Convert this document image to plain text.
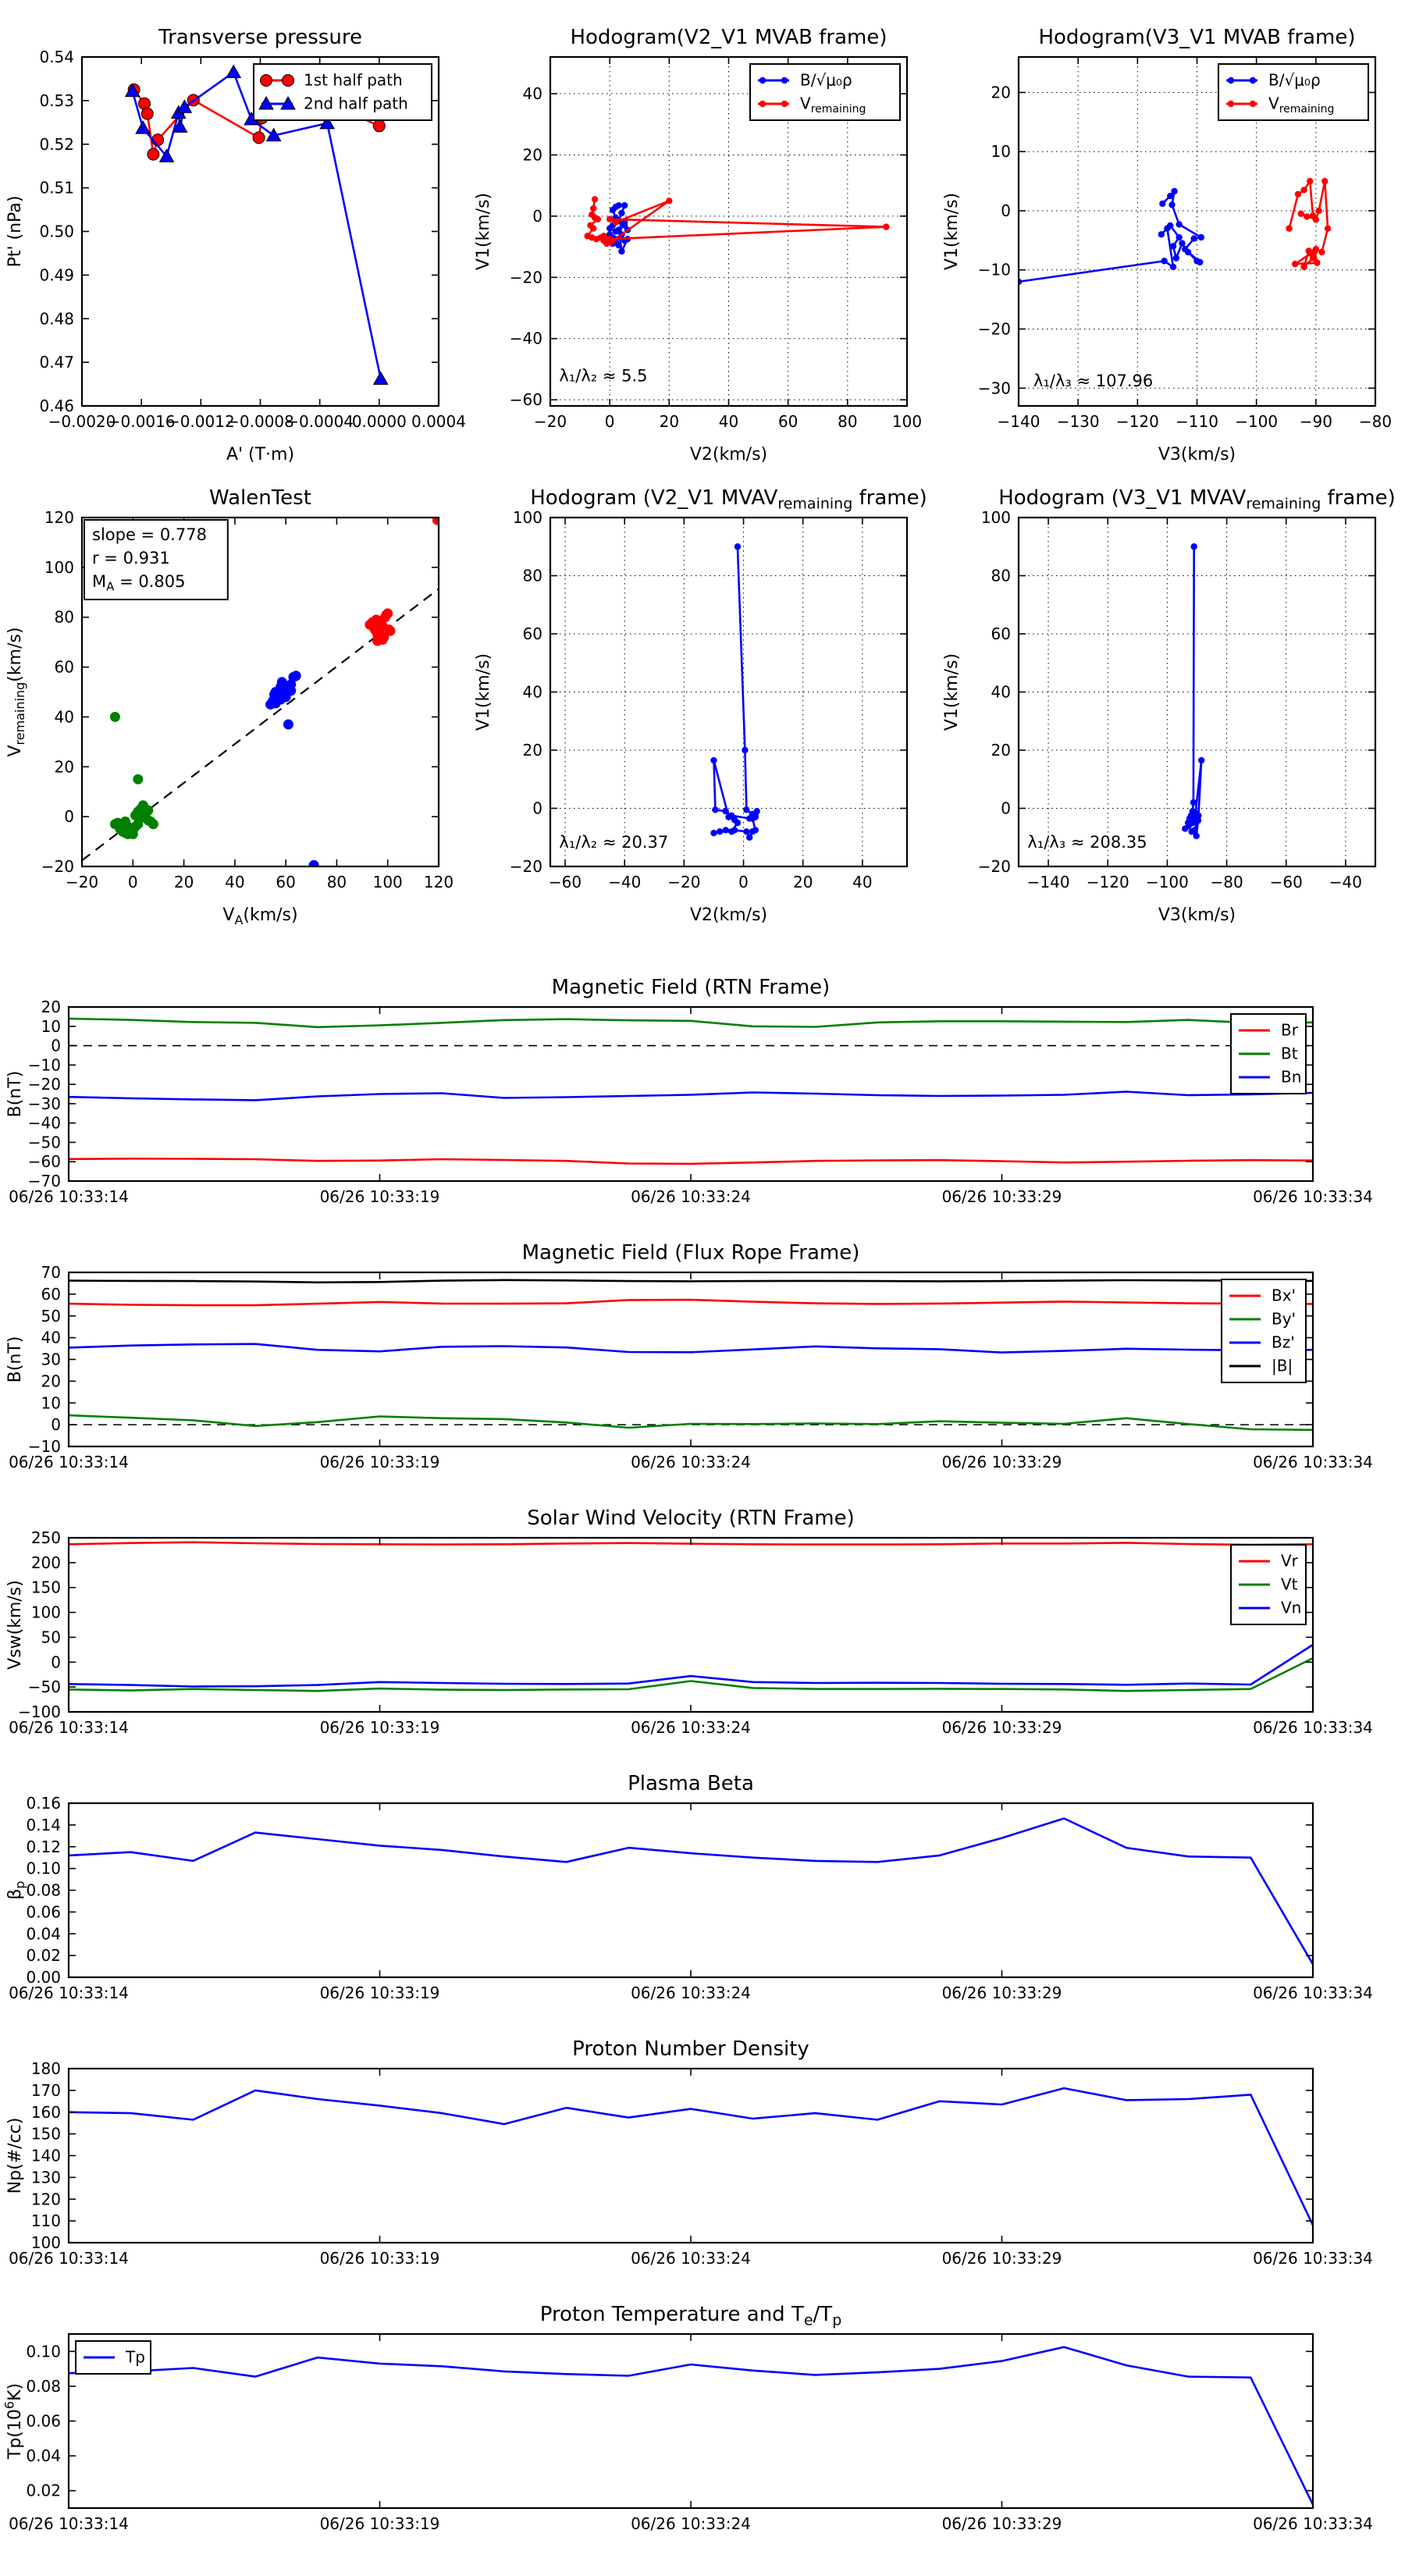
−0.0020
−0.0016
−0.0012
−0.0008
−0.0004
0.0000 0.0004
0.46
0.47
0.48
0.49
0.50
0.51
0.52
0.53
0.54
Transverse pressure
A' (T·m)
Pt' (nPa)
1st half path
2nd half path
−20 0	20	40	60	80 100
−60
−40
−20
0
20
40
Hodogram(V2_V1 MVAB frame)
V2(km/s)
V1(km/s)
B/√μ₀ρ
$V_{remaining}$
λ₁/λ₂ ≈ 5.5
−140 −130 −120 −110 −100 −90 −80
−30
−20
−10
0
10
20
Hodogram(V3_V1 MVAB frame)
V3(km/s)
V1(km/s)
B/√μ₀ρ
$V_{remaining}$
λ₁/λ₃ ≈ 107.96
−20 0 20 40 60 80 100 120
−20
0
20
40
60
80
100
120
WalenTest
$V_A(km/s)$
$V_{remaining}(km/s)$
slope = 0.778
r = 0.931
$M_A = 0.805$
−60 −40 −20 0	20	40
−20
0
20
40
60
80
100
Hodogram (V2_V1 $MVAV_{remaining}$ frame)
V2(km/s)
V1(km/s)
λ₁/λ₂ ≈ 20.37
−140 −120 −100 −80 −60 −40
−20
0
20
40
60
80
100
Hodogram (V3_V1 $MVAV_{remaining}$ frame)
V3(km/s)
V1(km/s)
λ₁/λ₃ ≈ 208.35
06/26 10:33:14	06/26 10:33:19	06/26 10:33:24	06/26 10:33:29	06/26 10:33:34
−70
−60
−50
−40
−30
−20
−10
0
10
20
Magnetic Field (RTN Frame)
B(nT)
Br
Bt
Bn
06/26 10:33:14	06/26 10:33:19	06/26 10:33:24	06/26 10:33:29	06/26 10:33:34
−10
0
10
20
30
40
50
60
70
Magnetic Field (Flux Rope Frame)
B(nT)
Bx'
By'
Bz'
|B|
06/26 10:33:14	06/26 10:33:19	06/26 10:33:24	06/26 10:33:29	06/26 10:33:34
−100
−50
0
50
100
150
200
250
Solar Wind Velocity (RTN Frame)
Vsw(km/s)
Vr
Vt
Vn
06/26 10:33:14	06/26 10:33:19	06/26 10:33:24	06/26 10:33:29	06/26 10:33:34
0.00
0.02
0.04
0.06
0.08
0.10
0.12
0.14
0.16
Plasma Beta
$\beta_p$
06/26 10:33:14	06/26 10:33:19	06/26 10:33:24	06/26 10:33:29	06/26 10:33:34
100
110
120
130
140
150
160
170
180
Proton Number Density
Np(#/cc)
06/26 10:33:14	06/26 10:33:19	06/26 10:33:24	06/26 10:33:29	06/26 10:33:34
0.02
0.04
0.06
0.08
0.10
Proton Temperature and $T_e/T_p$
$Tp(10^6K)$
Tp
